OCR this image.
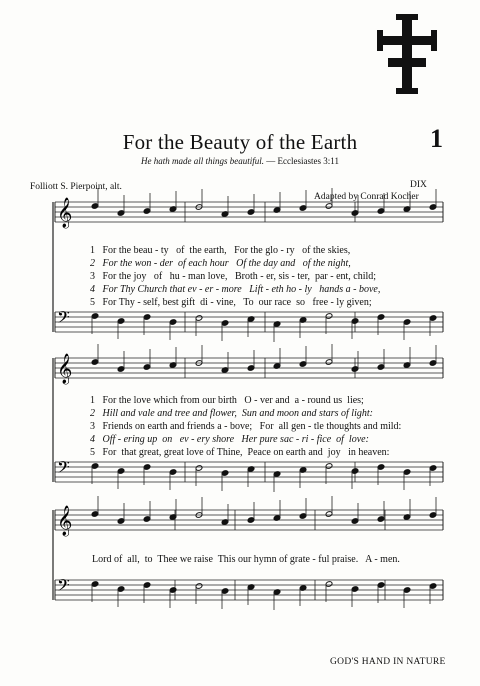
𝄞
𝄢
𝄞
𝄢
𝄞
𝄢
For the Beauty of the Earth	1
He hath made all things beautiful. — Ecclesiastes 3:11
Folliott S. Pierpoint, alt.	DIX
Adapted by Conrad Kocher
1 For the beau - ty   of  the earth,   For the glo - ry   of the skies,
2 For the won - der  of each hour   Of the day and   of the night,
3 For the joy   of   hu - man love,   Broth - er, sis - ter,  par - ent, child;
4 For Thy Church that ev - er - more   Lift - eth ho - ly   hands a - bove,
5 For Thy - self, best gift  di - vine,   To  our race  so   free - ly given;
1 For the love which from our birth   O - ver and  a - round us  lies;
2 Hill and vale and tree and flower,  Sun and moon and stars of light:
3 Friends on earth and friends a - bove;   For  all gen - tle thoughts and mild:
4 Off - ering up  on   ev - ery shore   Her pure sac - ri - fice  of  love:
5 For  that great, great love of Thine,  Peace on earth and  joy   in heaven:
Lord of  all,  to  Thee we raise  This our hymn of grate - ful praise.   A - men.
GOD'S HAND IN NATURE
